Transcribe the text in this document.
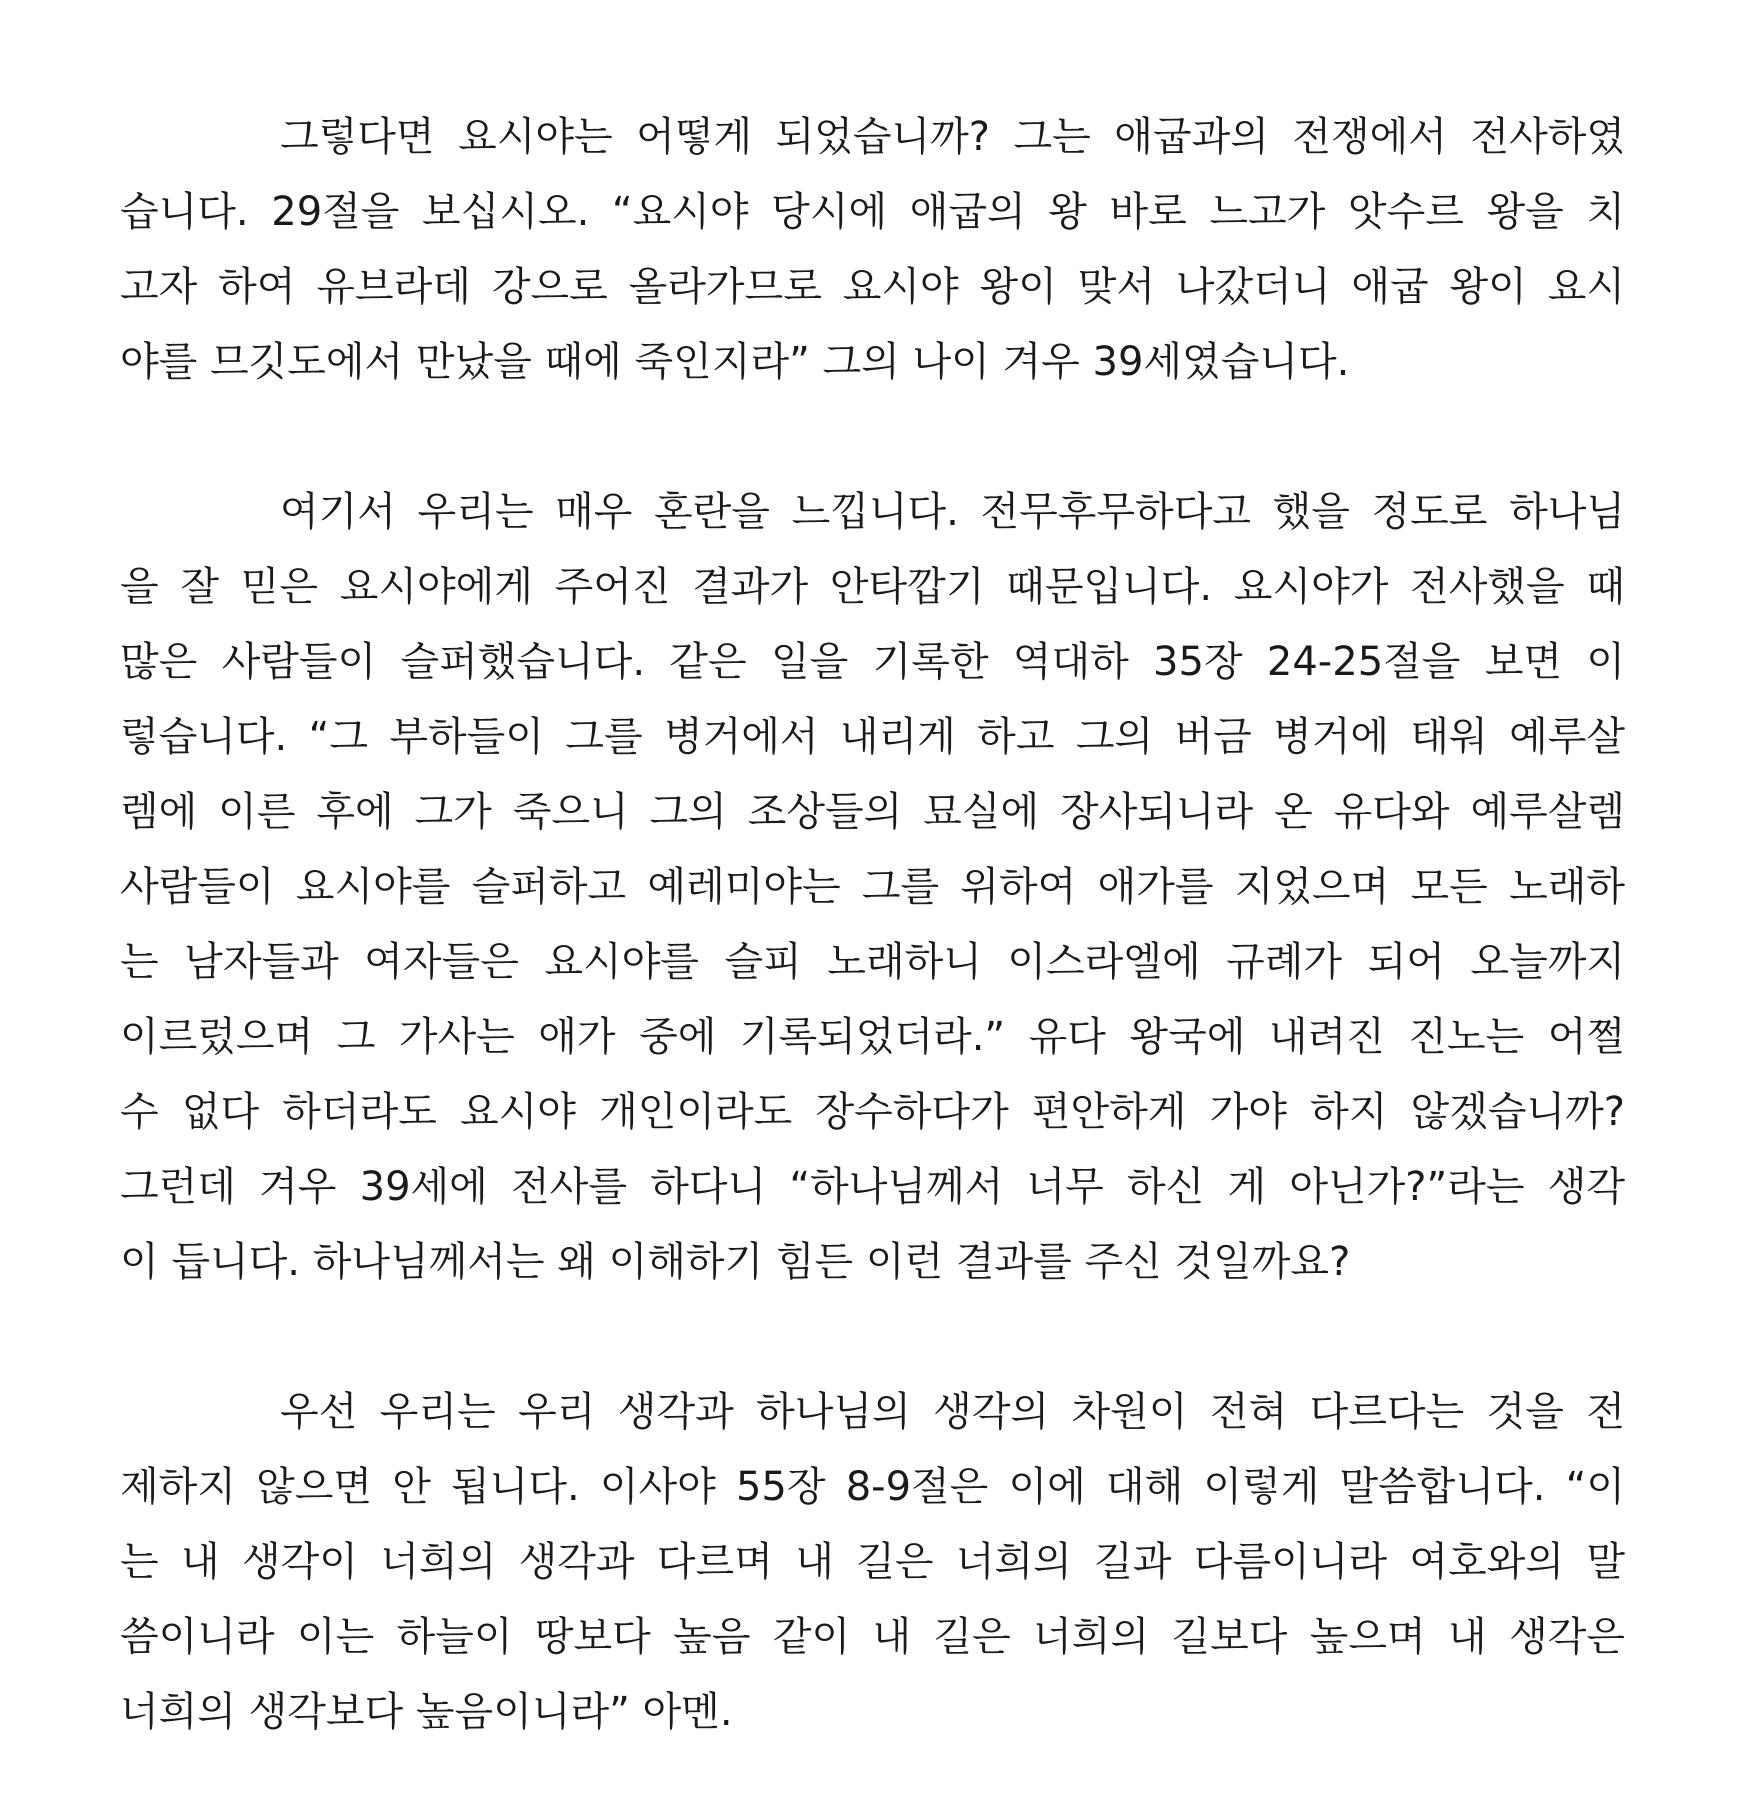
그렇다면 요시야는 어떻게 되었습니까? 그는 애굽과의 전쟁에서 전사하였
습니다. 29절을 보십시오. “요시야 당시에 애굽의 왕 바로 느고가 앗수르 왕을 치
고자 하여 유브라데 강으로 올라가므로 요시야 왕이 맞서 나갔더니 애굽 왕이 요시
야를 므깃도에서 만났을 때에 죽인지라” 그의 나이 겨우 39세였습니다.
여기서 우리는 매우 혼란을 느낍니다. 전무후무하다고 했을 정도로 하나님
을 잘 믿은 요시야에게 주어진 결과가 안타깝기 때문입니다. 요시야가 전사했을 때
많은 사람들이 슬퍼했습니다. 같은 일을 기록한 역대하 35장 24-25절을 보면 이
렇습니다. “그 부하들이 그를 병거에서 내리게 하고 그의 버금 병거에 태워 예루살
렘에 이른 후에 그가 죽으니 그의 조상들의 묘실에 장사되니라 온 유다와 예루살렘
사람들이 요시야를 슬퍼하고 예레미야는 그를 위하여 애가를 지었으며 모든 노래하
는 남자들과 여자들은 요시야를 슬피 노래하니 이스라엘에 규례가 되어 오늘까지
이르렀으며 그 가사는 애가 중에 기록되었더라.” 유다 왕국에 내려진 진노는 어쩔
수 없다 하더라도 요시야 개인이라도 장수하다가 편안하게 가야 하지 않겠습니까?
그런데 겨우 39세에 전사를 하다니 “하나님께서 너무 하신 게 아닌가?”라는 생각
이 듭니다. 하나님께서는 왜 이해하기 힘든 이런 결과를 주신 것일까요?
우선 우리는 우리 생각과 하나님의 생각의 차원이 전혀 다르다는 것을 전
제하지 않으면 안 됩니다. 이사야 55장 8-9절은 이에 대해 이렇게 말씀합니다. “이
는 내 생각이 너희의 생각과 다르며 내 길은 너희의 길과 다름이니라 여호와의 말
씀이니라 이는 하늘이 땅보다 높음 같이 내 길은 너희의 길보다 높으며 내 생각은
너희의 생각보다 높음이니라” 아멘.
